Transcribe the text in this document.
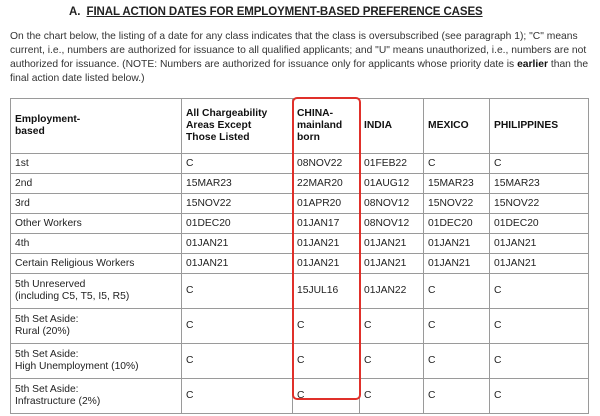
A. FINAL ACTION DATES FOR EMPLOYMENT-BASED PREFERENCE CASES
On the chart below, the listing of a date for any class indicates that the class is oversubscribed (see paragraph 1); "C" means current, i.e., numbers are authorized for issuance to all qualified applicants; and "U" means unauthorized, i.e., numbers are not authorized for issuance. (NOTE: Numbers are authorized for issuance only for applicants whose priority date is earlier than the final action date listed below.)
Employment-
based	All Chargeability
Areas Except
Those Listed	CHINA-
mainland
born	INDIA	MEXICO	PHILIPPINES
1st	C	08NOV22	01FEB22	C	C
2nd	15MAR23	22MAR20	01AUG12	15MAR23	15MAR23
3rd	15NOV22	01APR20	08NOV12	15NOV22	15NOV22
Other Workers	01DEC20	01JAN17	08NOV12	01DEC20	01DEC20
4th	01JAN21	01JAN21	01JAN21	01JAN21	01JAN21
Certain Religious Workers	01JAN21	01JAN21	01JAN21	01JAN21	01JAN21
5th Unreserved
(including C5, T5, I5, R5)	C	15JUL16	01JAN22	C	C
5th Set Aside:
Rural (20%)	C	C	C	C	C
5th Set Aside:
High Unemployment (10%)	C	C	C	C	C
5th Set Aside:
Infrastructure (2%)	C	C	C	C	C
